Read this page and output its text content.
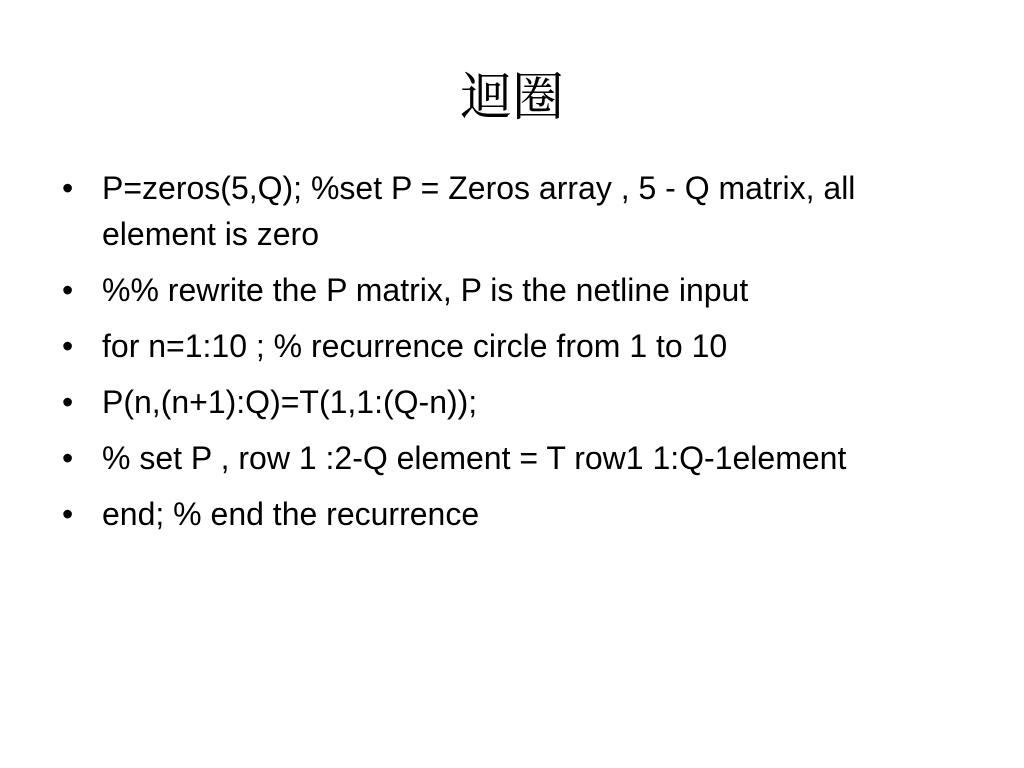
迴圈
• P=zeros(5,Q); %set P = Zeros array , 5 - Q matrix, all element is zero
• %% rewrite the P matrix, P is the netline input
• for n=1:10 ; % recurrence circle from 1 to 10
• P(n,(n+1):Q)=T(1,1:(Q-n));
• % set P , row 1 :2-Q element = T row1 1:Q-1element
• end; % end the recurrence
